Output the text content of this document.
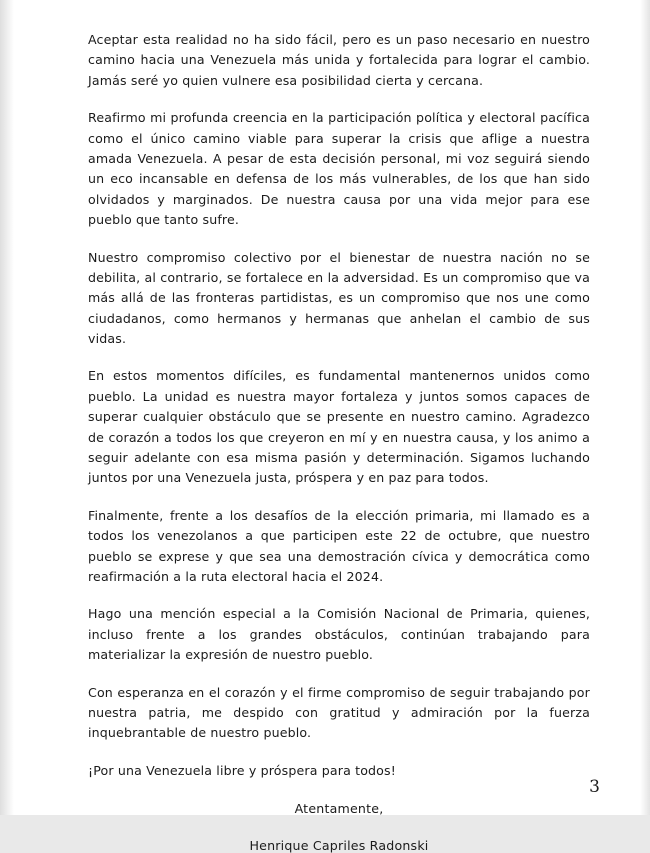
Aceptar esta realidad no ha sido fácil, pero es un paso necesario en nuestro camino hacia una Venezuela más unida y fortalecida para lograr el cambio. Jamás seré yo quien vulnere esa posibilidad cierta y cercana.

Reafirmo mi profunda creencia en la participación política y electoral pacífica como el único camino viable para superar la crisis que aflige a nuestra amada Venezuela. A pesar de esta decisión personal, mi voz seguirá siendo un eco incansable en defensa de los más vulnerables, de los que han sido olvidados y marginados. De nuestra causa por una vida mejor para ese pueblo que tanto sufre.

Nuestro compromiso colectivo por el bienestar de nuestra nación no se debilita, al contrario, se fortalece en la adversidad. Es un compromiso que va más allá de las fronteras partidistas, es un compromiso que nos une como ciudadanos, como hermanos y hermanas que anhelan el cambio de sus vidas.

En estos momentos difíciles, es fundamental mantenernos unidos como pueblo. La unidad es nuestra mayor fortaleza y juntos somos capaces de superar cualquier obstáculo que se presente en nuestro camino. Agradezco de corazón a todos los que creyeron en mí y en nuestra causa, y los animo a seguir adelante con esa misma pasión y determinación. Sigamos luchando juntos por una Venezuela justa, próspera y en paz para todos.

Finalmente, frente a los desafíos de la elección primaria, mi llamado es a todos los venezolanos a que participen este 22 de octubre, que nuestro pueblo se exprese y que sea una demostración cívica y democrática como reafirmación a la ruta electoral hacia el 2024.

Hago una mención especial a la Comisión Nacional de Primaria, quienes, incluso frente a los grandes obstáculos, continúan trabajando para materializar la expresión de nuestro pueblo.

Con esperanza en el corazón y el firme compromiso de seguir trabajando por nuestra patria, me despido con gratitud y admiración por la fuerza inquebrantable de nuestro pueblo.

¡Por una Venezuela libre y próspera para todos!

Atentamente,

Henrique Capriles Radonski

3
